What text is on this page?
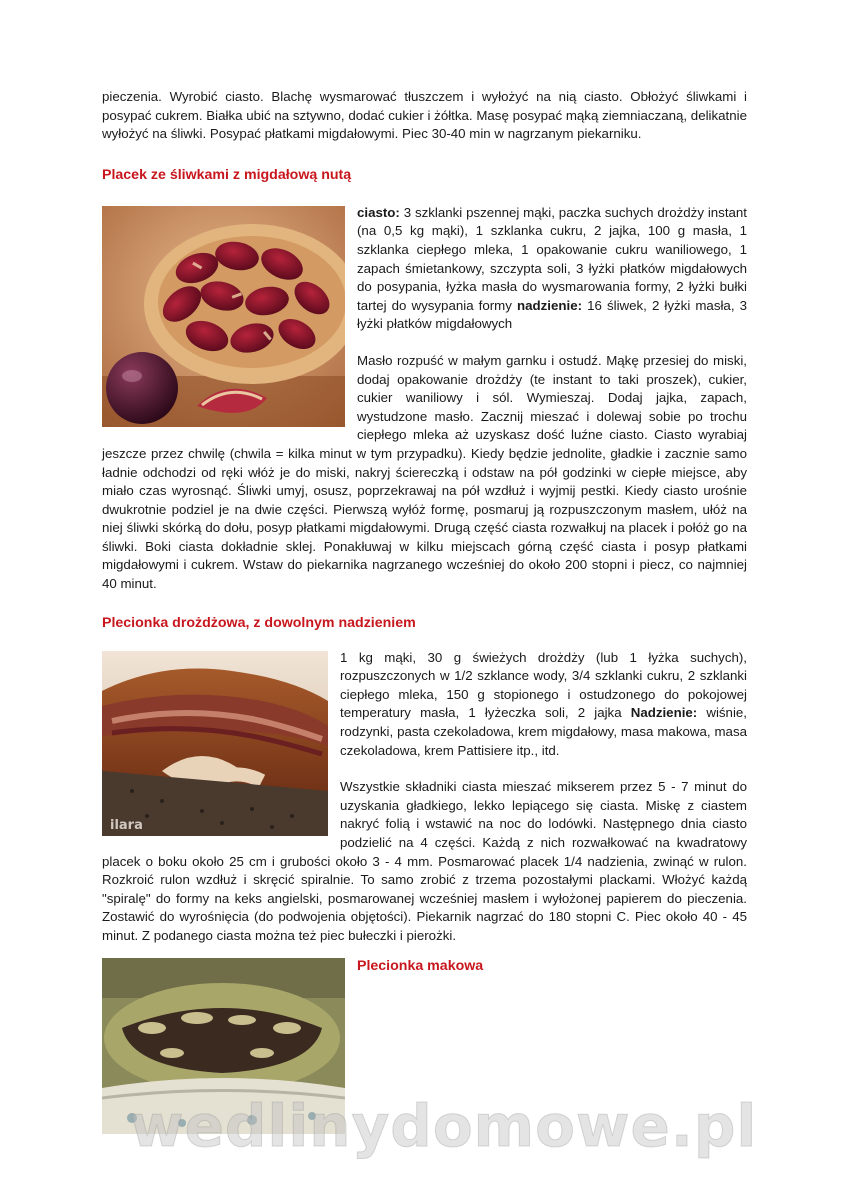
pieczenia. Wyrobić ciasto. Blachę wysmarować tłuszczem i wyłożyć na nią ciasto. Obłożyć śliwkami i posypać cukrem. Białka ubić na sztywno, dodać cukier i żółtka. Masę posypać mąką ziemniaczaną, delikatnie wyłożyć na śliwki. Posypać płatkami migdałowymi. Piec 30-40 min w nagrzanym piekarniku.

Placek ze śliwkami z migdałową nutą

ciasto: 3 szklanki pszennej mąki, paczka suchych drożdży instant (na 0,5 kg mąki), 1 szklanka cukru, 2 jajka, 100 g masła, 1 szklanka ciepłego mleka, 1 opakowanie cukru waniliowego, 1 zapach śmietankowy, szczypta soli, 3 łyżki płatków migdałowych do posypania, łyżka masła do wysmarowania formy, 2 łyżki bułki tartej do wysypania formy nadzienie: 16 śliwek, 2 łyżki masła, 3 łyżki płatków migdałowych

Masło rozpuść w małym garnku i ostudź. Mąkę przesiej do miski, dodaj opakowanie drożdży (te instant to taki proszek), cukier, cukier waniliowy i sól. Wymieszaj. Dodaj jajka, zapach, wystudzone masło. Zacznij mieszać i dolewaj sobie po trochu ciepłego mleka aż uzyskasz dość luźne ciasto. Ciasto wyrabiaj jeszcze przez chwilę (chwila = kilka minut w tym przypadku). Kiedy będzie jednolite, gładkie i zacznie samo ładnie odchodzi od ręki włóż je do miski, nakryj ściereczką i odstaw na pół godzinki w ciepłe miejsce, aby miało czas wyrosnąć. Śliwki umyj, osusz, poprzekrawaj na pół wzdłuż i wyjmij pestki. Kiedy ciasto urośnie dwukrotnie podziel je na dwie części. Pierwszą wyłóż formę, posmaruj ją rozpuszczonym masłem, ułóż na niej śliwki skórką do dołu, posyp płatkami migdałowymi. Drugą część ciasta rozwałkuj na placek i połóż go na śliwki. Boki ciasta dokładnie sklej. Ponakłuwaj w kilku miejscach górną część ciasta i posyp płatkami migdałowymi i cukrem. Wstaw do piekarnika nagrzanego wcześniej do około 200 stopni i piecz, co najmniej 40 minut.

Plecionka drożdżowa, z dowolnym nadzieniem
ilara

1 kg mąki, 30 g świeżych drożdży (lub 1 łyżka suchych), rozpuszczonych w 1/2 szklance wody, 3/4 szklanki cukru, 2 szklanki ciepłego mleka, 150 g stopionego i ostudzonego do pokojowej temperatury masła, 1 łyżeczka soli, 2 jajka Nadzienie: wiśnie, rodzynki, pasta czekoladowa, krem migdałowy, masa makowa, masa czekoladowa, krem Pattisiere itp., itd.

Wszystkie składniki ciasta mieszać mikserem przez 5 - 7 minut do uzyskania gładkiego, lekko lepiącego się ciasta. Miskę z ciastem nakryć folią i wstawić na noc do lodówki. Następnego dnia ciasto podzielić na 4 części. Każdą z nich rozwałkować na kwadratowy placek o boku około 25 cm i grubości około 3 - 4 mm. Posmarować placek 1/4 nadzienia, zwinąć w rulon. Rozkroić rulon wzdłuż i skręcić spiralnie. To samo zrobić z trzema pozostałymi plackami. Włożyć każdą "spiralę" do formy na keks angielski, posmarowanej wcześniej masłem i wyłożonej papierem do pieczenia. Zostawić do wyrośnięcia (do podwojenia objętości). Piekarnik nagrzać do 180 stopni C. Piec około 40 - 45 minut. Z podanego ciasta można też piec bułeczki i pierożki.

Plecionka makowa
wedlinydomowe.pl
